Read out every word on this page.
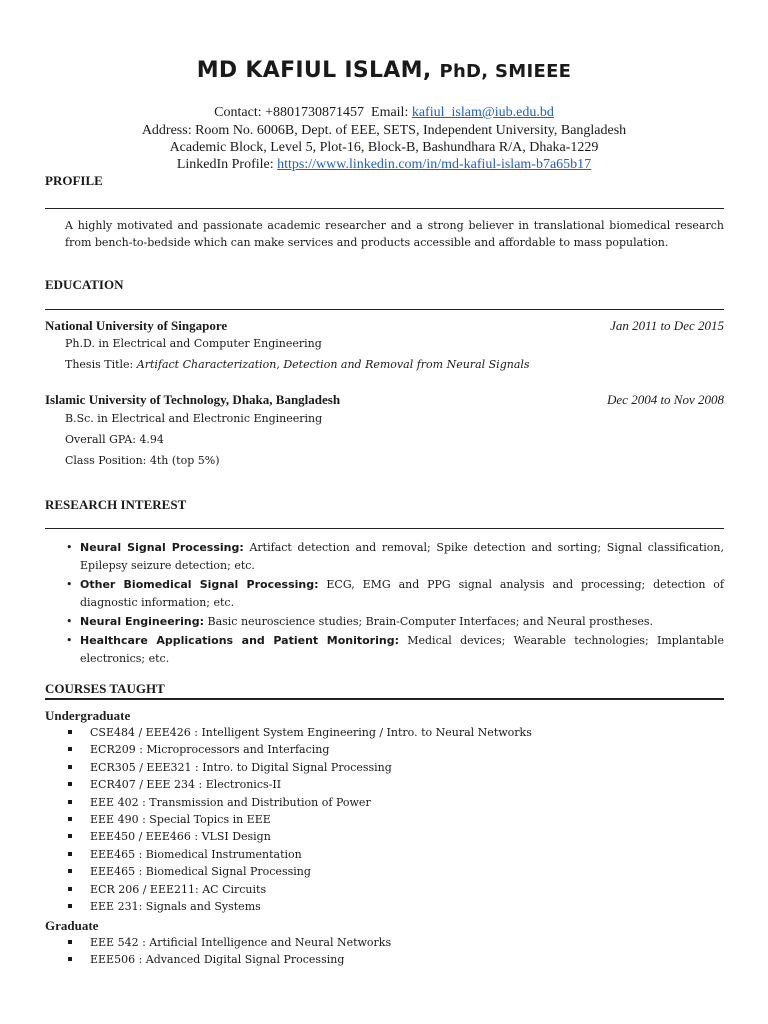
MD KAFIUL ISLAM, PhD, SMIEEE
Contact: +8801730871457 Email: kafiul_islam@iub.edu.bd
Address: Room No. 6006B, Dept. of EEE, SETS, Independent University, Bangladesh
Academic Block, Level 5, Plot-16, Block-B, Bashundhara R/A, Dhaka-1229
LinkedIn Profile: https://www.linkedin.com/in/md-kafiul-islam-b7a65b17
PROFILE
A highly motivated and passionate academic researcher and a strong believer in translational biomedical research from bench-to-bedside which can make services and products accessible and affordable to mass population.
EDUCATION
National University of Singapore	Jan 2011 to Dec 2015
Ph.D. in Electrical and Computer Engineering
Thesis Title: Artifact Characterization, Detection and Removal from Neural Signals
Islamic University of Technology, Dhaka, Bangladesh	Dec 2004 to Nov 2008
B.Sc. in Electrical and Electronic Engineering
Overall GPA: 4.94
Class Position: 4th (top 5%)
RESEARCH INTEREST
• Neural Signal Processing: Artifact detection and removal; Spike detection and sorting; Signal classification, Epilepsy seizure detection; etc.
• Other Biomedical Signal Processing: ECG, EMG and PPG signal analysis and processing; detection of diagnostic information; etc.
• Neural Engineering: Basic neuroscience studies; Brain-Computer Interfaces; and Neural prostheses.
• Healthcare Applications and Patient Monitoring: Medical devices; Wearable technologies; Implantable electronics; etc.
COURSES TAUGHT
Undergraduate
CSE484 / EEE426 : Intelligent System Engineering / Intro. to Neural Networks
ECR209 : Microprocessors and Interfacing
ECR305 / EEE321 : Intro. to Digital Signal Processing
ECR407 / EEE 234 : Electronics-II
EEE 402 : Transmission and Distribution of Power
EEE 490 : Special Topics in EEE
EEE450 / EEE466 : VLSI Design
EEE465 : Biomedical Instrumentation
EEE465 : Biomedical Signal Processing
ECR 206 / EEE211: AC Circuits
EEE 231: Signals and Systems
Graduate
EEE 542 : Artificial Intelligence and Neural Networks
EEE506 : Advanced Digital Signal Processing
